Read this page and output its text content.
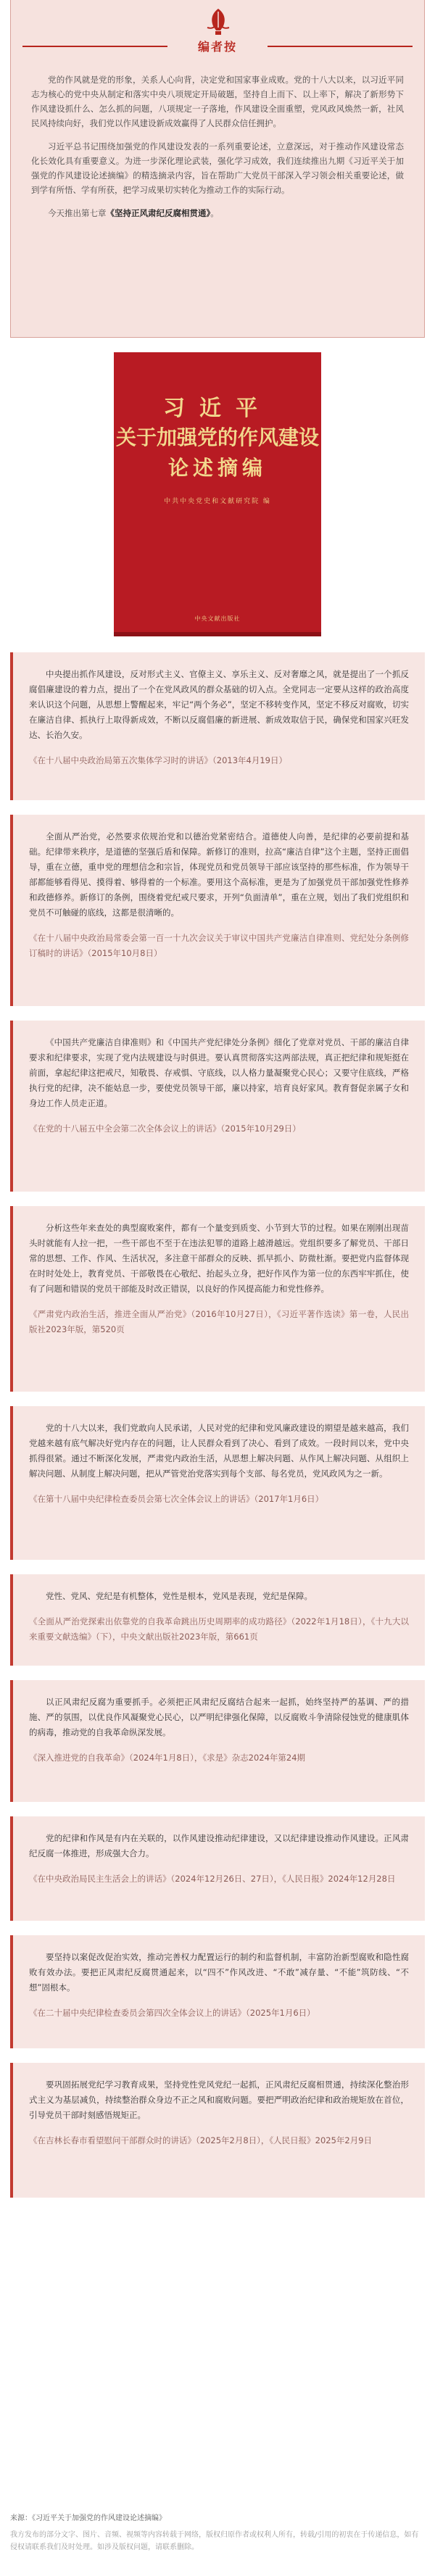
编者按

党的作风就是党的形象，关系人心向背，决定党和国家事业成败。党的十八大以来，以习近平同志为核心的党中央从制定和落实中央八项规定开局破题，坚持自上而下、以上率下，解决了新形势下作风建设抓什么、怎么抓的问题，八项规定一子落地，作风建设全面重塑，党风政风焕然一新，社风民风持续向好，我们党以作风建设新成效赢得了人民群众信任拥护。

习近平总书记围绕加强党的作风建设发表的一系列重要论述，立意深远，对于推动作风建设常态化长效化具有重要意义。为进一步深化理论武装，强化学习成效，我们连续推出九期《习近平关于加强党的作风建设论述摘编》的精选摘录内容，旨在帮助广大党员干部深入学习领会相关重要论述，做到学有所悟、学有所获，把学习成果切实转化为推动工作的实际行动。

今天推出第七章《坚持正风肃纪反腐相贯通》。

习近平
关于加强党的作风建设
论述摘编
中共中央党史和文献研究院 编
中央文献出版社

中央提出抓作风建设，反对形式主义、官僚主义、享乐主义、反对奢靡之风，就是提出了一个抓反腐倡廉建设的着力点，提出了一个在党风政风的群众基础的切入点。全党同志一定要从这样的政治高度来认识这个问题，从思想上警醒起来，牢记“两个务必”，坚定不移转变作风，坚定不移反对腐败，切实在廉洁自律、抓执行上取得新成效，不断以反腐倡廉的新进展、新成效取信于民，确保党和国家兴旺发达、长治久安。

《在十八届中央政治局第五次集体学习时的讲话》（2013年4月19日）

全面从严治党，必然要求依规治党和以德治党紧密结合。道德使人向善，是纪律的必要前提和基础。纪律带来秩序，是道德的坚强后盾和保障。新修订的准则，拉高“廉洁自律”这个主题，坚持正面倡导，重在立德，重申党的理想信念和宗旨，体现党员和党员领导干部应该坚持的那些标准，作为领导干部都能够看得见、摸得着、够得着的一个标准。要用这个高标准，更是为了加强党员干部加强党性修养和政德修养。新修订的条例，围绕着党纪戒尺要求，开列“负面清单”，重在立规，划出了我们党组织和党员不可触碰的底线，这都是很清晰的。

《在十八届中央政治局常委会第一百一十九次会议关于审议中国共产党廉洁自律准则、党纪处分条例修订稿时的讲话》（2015年10月8日）

《中国共产党廉洁自律准则》和《中国共产党纪律处分条例》细化了党章对党员、干部的廉洁自律要求和纪律要求，实现了党内法规建设与时俱进。要认真贯彻落实这两部法规，真正把纪律和规矩挺在前面，拿起纪律这把戒尺，知敬畏、存戒惧、守底线，以人格力量凝聚党心民心；又要守住底线，严格执行党的纪律，决不能姑息一步，要使党员领导干部，廉以持家，培育良好家风。教育督促亲属子女和身边工作人员走正道。

《在党的十八届五中全会第二次全体会议上的讲话》（2015年10月29日）

分析这些年来查处的典型腐败案件，都有一个量变到质变、小节到大节的过程。如果在刚刚出现苗头时就能有人拉一把，一些干部也不至于在违法犯罪的道路上越滑越远。党组织要多了解党员、干部日常的思想、工作、作风、生活状况，多注意干部群众的反映、抓早抓小、防微杜渐。要把党内监督体现在时时处处上，教育党员、干部敬畏在心敬纪、抬起头立身，把好作风作为第一位的东西牢牢抓住，使有了问题和错误的党员干部能及时改正错误，以良好的作风提高能力和党性修养。

《严肃党内政治生活，推进全面从严治党》（2016年10月27日），《习近平著作选读》第一卷，人民出版社2023年版，第520页

党的十八大以来，我们党敢向人民承诺，人民对党的纪律和党风廉政建设的期望是越来越高，我们党越来越有底气解决好党内存在的问题，让人民群众看到了决心、看到了成效。一段时间以来，党中央抓得很紧。通过不断深化发展，严肃党内政治生活，从思想上解决问题、从作风上解决问题、从组织上解决问题、从制度上解决问题，把从严管党治党落实到每个支部、每名党员，党风政风为之一新。

《在第十八届中央纪律检查委员会第七次全体会议上的讲话》（2017年1月6日）

党性、党风、党纪是有机整体，党性是根本，党风是表现，党纪是保障。

《全面从严治党探索出依靠党的自我革命跳出历史周期率的成功路径》（2022年1月18日），《十九大以来重要文献选编》（下），中央文献出版社2023年版，第661页

以正风肃纪反腐为重要抓手。必须把正风肃纪反腐结合起来一起抓，始终坚持严的基调、严的措施、严的氛围，以优良作风凝聚党心民心，以严明纪律强化保障，以反腐败斗争清除侵蚀党的健康肌体的病毒，推动党的自我革命纵深发展。

《深入推进党的自我革命》（2024年1月8日），《求是》杂志2024年第24期

党的纪律和作风是有内在关联的，以作风建设推动纪律建设，又以纪律建设推动作风建设。正风肃纪反腐一体推进，形成强大合力。

《在中央政治局民主生活会上的讲话》（2024年12月26日、27日），《人民日报》2024年12月28日

要坚持以案促改促治实效，推动完善权力配置运行的制约和监督机制，丰富防治新型腐败和隐性腐败有效办法。要把正风肃纪反腐贯通起来，以“四不”作风改进、“不敢”减存量、“不能”筑防线、“不想”固根本。

《在二十届中央纪律检查委员会第四次全体会议上的讲话》（2025年1月6日）

要巩固拓展党纪学习教育成果，坚持党性党风党纪一起抓，正风肃纪反腐相贯通，持续深化整治形式主义为基层减负，持续整治群众身边不正之风和腐败问题。要把严明政治纪律和政治规矩放在首位，引导党员干部时刻感悟规矩正。

《在吉林长春市看望慰问干部群众时的讲话》（2025年2月8日），《人民日报》2025年2月9日

来源：《习近平关于加强党的作风建设论述摘编》
我方发布的部分文字、图片、音频、视频等内容转载于网络，版权归原作者或权利人所有，转载/引用的初衷在于传递信息，如有侵权请联系我们及时处理。如涉及版权问题，请联系删除。
